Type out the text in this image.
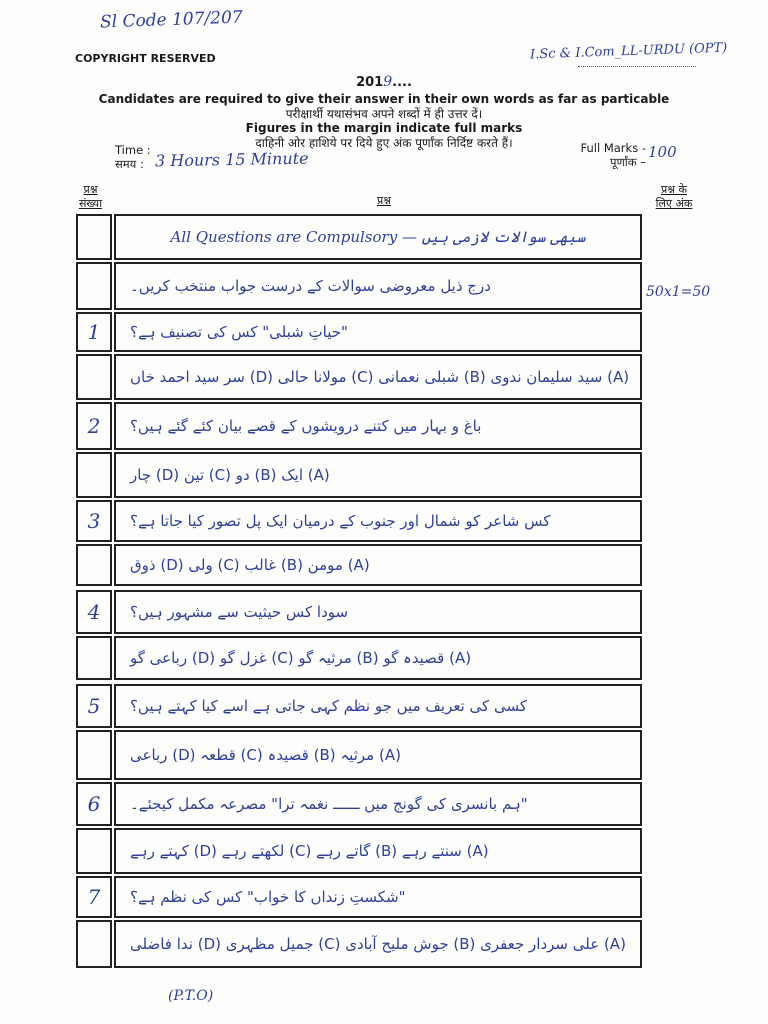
Sl Code 107/207
COPYRIGHT RESERVED	I.Sc & I.Com_LL-URDU (OPT)
2019....
Candidates are required to give their answer in their own words as far as particable
परीक्षार्थी यथासंभव अपने शब्दों में ही उत्तर दें।
Figures in the margin indicate full marks
दाहिनी ओर हाशिये पर दिये हुए अंक पूर्णांक निर्दिष्ट करते हैं।
Time :
समय : 3 Hours 15 Minute
Full Marks -
पूर्णांक –
100
प्रश्न
संख्या	प्रश्न
प्रश्न के
लिए अंक
All Questions are Compulsory — سبھی سوالات لازمی ہیں
درج ذیل معروضی سوالات کے درست جواب منتخب کریں۔	50x1=50
1	"حیاتِ شبلی" کس کی تصنیف ہے؟
(A) سید سلیمان ندوی (B) شبلی نعمانی (C) مولانا حالی (D) سر سید احمد خاں
2	باغ و بہار میں کتنے درویشوں کے قصے بیان کئے گئے ہیں؟
(A) ایک (B) دو (C) تین (D) چار
3	کس شاعر کو شمال اور جنوب کے درمیان ایک پل تصور کیا جاتا ہے؟
(A) مومن (B) غالب (C) ولی (D) ذوق
4	سودا کس حیثیت سے مشہور ہیں؟
(A) قصیدہ گو (B) مرثیہ گو (C) غزل گو (D) رباعی گو
5	کسی کی تعریف میں جو نظم کہی جاتی ہے اسے کیا کہتے ہیں؟
(A) مرثیہ (B) قصیدہ (C) قطعہ (D) رباعی
6	"ہم بانسری کی گونج میں ــــــ نغمہ ترا" مصرعہ مکمل کیجئے۔
(A) سنتے رہے (B) گاتے رہے (C) لکھتے رہے (D) کہتے رہے
7	"شکستِ زنداں کا خواب" کس کی نظم ہے؟
(A) علی سردار جعفری (B) جوش ملیح آبادی (C) جمیل مظہری (D) ندا فاضلی
(P.T.O)
